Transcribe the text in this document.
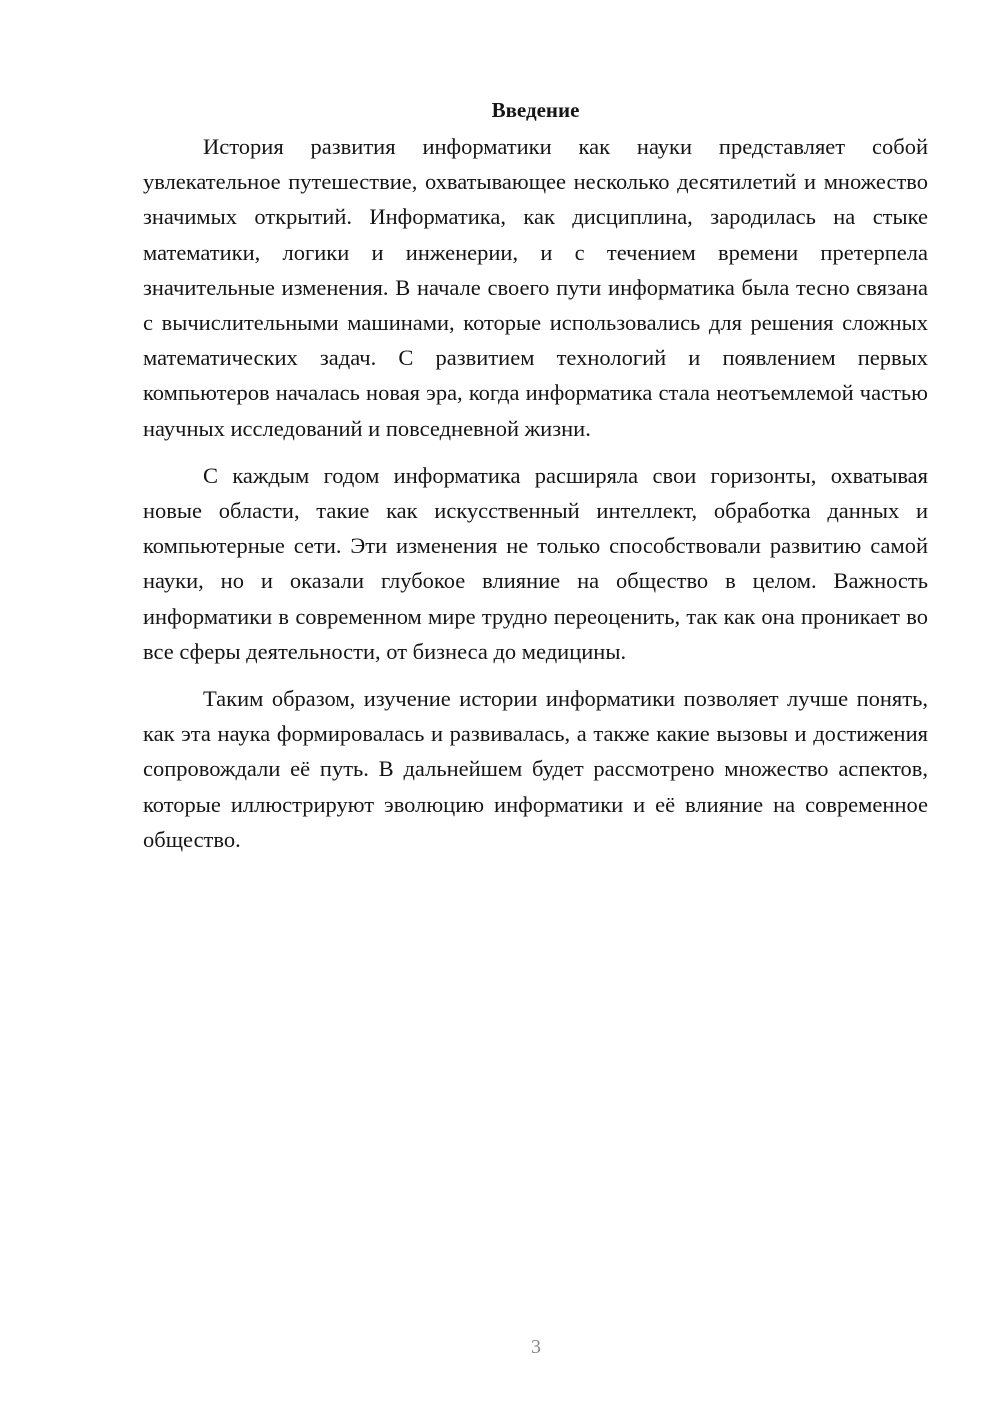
Введение

История развития информатики как науки представляет собой увлекательное путешествие, охватывающее несколько десятилетий и множество значимых открытий. Информатика, как дисциплина, зародилась на стыке математики, логики и инженерии, и с течением времени претерпела значительные изменения. В начале своего пути информатика была тесно связана с вычислительными машинами, которые использовались для решения сложных математических задач. С развитием технологий и появлением первых компьютеров началась новая эра, когда информатика стала неотъемлемой частью научных исследований и повседневной жизни.

С каждым годом информатика расширяла свои горизонты, охватывая новые области, такие как искусственный интеллект, обработка данных и компьютерные сети. Эти изменения не только способствовали развитию самой науки, но и оказали глубокое влияние на общество в целом. Важность информатики в современном мире трудно переоценить, так как она проникает во все сферы деятельности, от бизнеса до медицины.

Таким образом, изучение истории информатики позволяет лучше понять, как эта наука формировалась и развивалась, а также какие вызовы и достижения сопровождали её путь. В дальнейшем будет рассмотрено множество аспектов, которые иллюстрируют эволюцию информатики и её влияние на современное общество.

3
